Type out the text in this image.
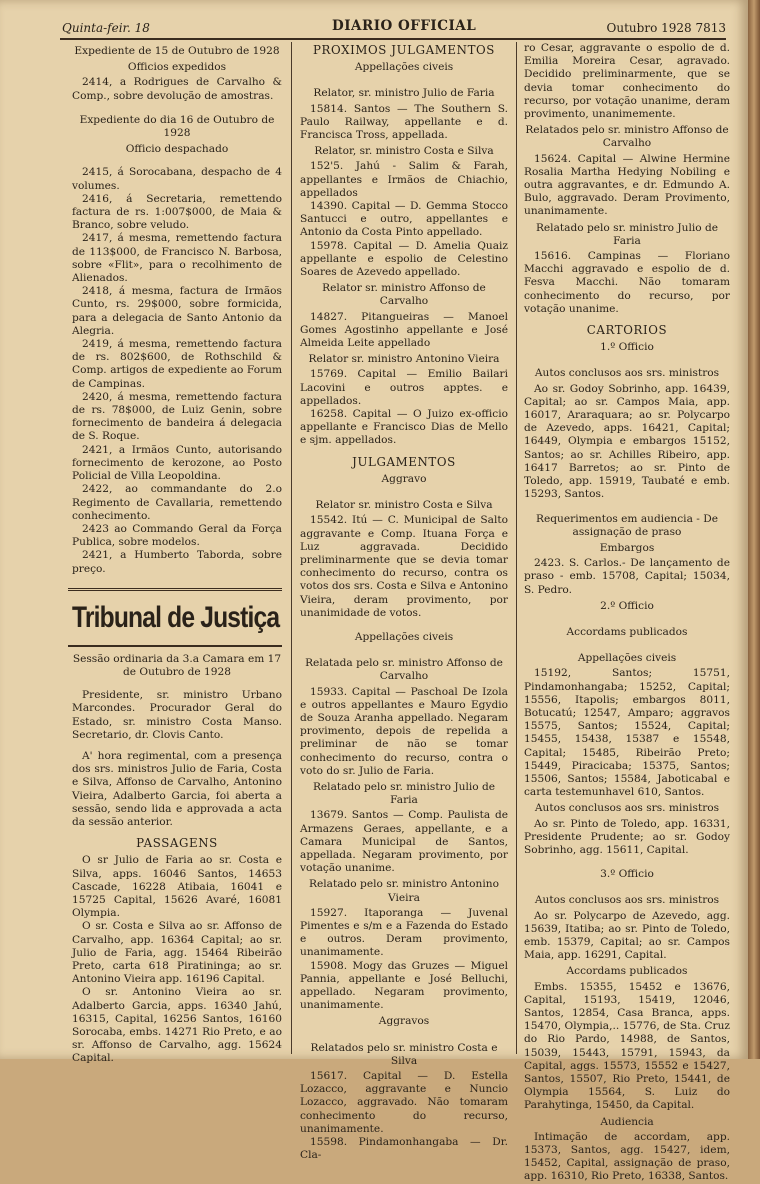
Quinta-feir. 18	DIARIO OFFICIAL	Outubro 1928 7813
Expediente de 15 de Outubro de 1928
Officios expedidos

2414, a Rodrigues de Carvalho & Comp., sobre devolução de amostras.

Expediente do dia 16 de Outubro de 1928
Officio despachado

2415, á Sorocabana, despacho de 4 volumes.

2416, á Secretaria, remettendo factura de rs. 1:007$000, de Maia & Branco, sobre veludo.

2417, á mesma, remettendo factura de 113$000, de Francisco N. Barbosa, sobre «Flit», para o recolhimento de Alienados.

2418, á mesma, factura de Irmãos Cunto, rs. 29$000, sobre formicida, para a delegacia de Santo Antonio da Alegria.

2419, á mesma, remettendo factura de rs. 802$600, de Rothschild & Comp. artigos de expediente ao Forum de Campinas.

2420, á mesma, remettendo factura de rs. 78$000, de Luiz Genin, sobre fornecimento de bandeira á delegacia de S. Roque.

2421, a Irmãos Cunto, autorisando fornecimento de kerozone, ao Posto Policial de Villa Leopoldina.

2422, ao commandante do 2.o Regimento de Cavallaria, remettendo conhecimento.

2423 ao Commando Geral da Força Publica, sobre modelos.

2421, a Humberto Taborda, sobre preço.

Tribunal de Justiça
Sessão ordinaria da 3.a Camara em 17 de Outubro de 1928

Presidente, sr. ministro Urbano Marcondes. Procurador Geral do Estado, sr. ministro Costa Manso. Secretario, dr. Clovis Canto.

A' hora regimental, com a presença dos srs. ministros Julio de Faria, Costa e Silva, Affonso de Carvalho, Antonino Vieira, Adalberto Garcia, foi aberta a sessão, sendo lida e approvada a acta da sessão anterior.

PASSAGENS

O sr Julio de Faria ao sr. Costa e Silva, apps. 16046 Santos, 14653 Cascade, 16228 Atibaia, 16041 e 15725 Capital, 15626 Avaré, 16081 Olympia.

O sr. Costa e Silva ao sr. Affonso de Carvalho, app. 16364 Capital; ao sr. Julio de Faria, agg. 15464 Ribeirão Preto, carta 618 Piratininga; ao sr. Antonino Vieira app. 16196 Capital.

O sr. Antonino Vieira ao sr. Adalberto Garcia, apps. 16340 Jahú, 16315, Capital, 16256 Santos, 16160 Sorocaba, embs. 14271 Rio Preto, e ao sr. Affonso de Carvalho, agg. 15624 Capital.

PROXIMOS JULGAMENTOS
Appellações civeis
Relator, sr. ministro Julio de Faria

15814. Santos — The Southern S. Paulo Railway, appellante e d. Francisca Tross, appellada.

Relator, sr. ministro Costa e Silva

152'5. Jahú - Salim & Farah, appellantes e Irmãos de Chiachio, appellados

14390. Capital — D. Gemma Stocco Santucci e outro, appellantes e Antonio da Costa Pinto appellado.

15978. Capital — D. Amelia Quaiz appellante e espolio de Celestino Soares de Azevedo appellado.

Relator sr. ministro Affonso de Carvalho

14827. Pitangueiras — Manoel Gomes Agostinho appellante e José Almeida Leite appellado

Relator sr. ministro Antonino Vieira

15769. Capital — Emilio Bailari Lacovini e outros apptes. e appellados.

16258. Capital — O Juizo ex-officio appellante e Francisco Dias de Mello e sjm. appellados.

JULGAMENTOS
Aggravo
Relator sr. ministro Costa e Silva

15542. Itú — C. Municipal de Salto aggravante e Comp. Ituana Força e Luz aggravada. Decidido preliminarmente que se devia tomar conhecimento do recurso, contra os votos dos srs. Costa e Silva e Antonino Vieira, deram provimento, por unanimidade de votos.

Appellações civeis
Relatada pelo sr. ministro Affonso de Carvalho

15933. Capital — Paschoal De Izola e outros appellantes e Mauro Egydio de Souza Aranha appellado. Negaram provimento, depois de repelida a preliminar de não se tomar conhecimento do recurso, contra o voto do sr. Julio de Faria.

Relatado pelo sr. ministro Julio de Faria

13679. Santos — Comp. Paulista de Armazens Geraes, appellante, e a Camara Municipal de Santos, appellada. Negaram provimento, por votação unanime.

Relatado pelo sr. ministro Antonino Vieira

15927. Itaporanga — Juvenal Pimentes e s/m e a Fazenda do Estado e outros. Deram provimento, unanimamente.

15908. Mogy das Gruzes — Miguel Pannia, appellante e José Belluchi, appellado. Negaram provimento, unanimamente.

Aggravos
Relatados pelo sr. ministro Costa e Silva

15617. Capital — D. Estella Lozacco, aggravante e Nuncio Lozacco, aggravado. Não tomaram conhecimento do recurso, unanimamente.

15598. Pindamonhangaba — Dr. Cla-

ro Cesar, aggravante o espolio de d. Emilia Moreira Cesar, agravado. Decidido preliminarmente, que se devia tomar conhecimento do recurso, por votação unanime, deram provimento, unanimemente.

Relatados pelo sr. ministro Affonso de Carvalho

15624. Capital — Alwine Hermine Rosalia Martha Hedying Nobiling e outra aggravantes, e dr. Edmundo A. Bulo, aggravado. Deram Provimento, unanimamente.

Relatado pelo sr. ministro Julio de Faria

15616. Campinas — Floriano Macchi aggravado e espolio de d. Fesva Macchi. Não tomaram conhecimento do recurso, por votação unanime.

CARTORIOS
1.º Officio
Autos conclusos aos srs. ministros

Ao sr. Godoy Sobrinho, app. 16439, Capital; ao sr. Campos Maia, app. 16017, Araraquara; ao sr. Polycarpo de Azevedo, apps. 16421, Capital; 16449, Olympia e embargos 15152, Santos; ao sr. Achilles Ribeiro, app. 16417 Barretos; ao sr. Pinto de Toledo, app. 15919, Taubaté e emb. 15293, Santos.

Requerimentos em audiencia - De assignação de praso
Embargos

2423. S. Carlos.- De lançamento de praso - emb. 15708, Capital; 15034, S. Pedro.

2.º Officio
Accordams publicados
Appellações civeis

15192, Santos; 15751, Pindamonhangaba; 15252, Capital; 15556, Itapolis; embargos 8011, Botucatú; 12547, Amparo; aggravos 15575, Santos; 15524, Capital; 15455, 15438, 15387 e 15548, Capital; 15485, Ribeirão Preto; 15449, Piracicaba; 15375, Santos; 15506, Santos; 15584, Jaboticabal e carta testemunhavel 610, Santos.

Autos conclusos aos srs. ministros

Ao sr. Pinto de Toledo, app. 16331, Presidente Prudente; ao sr. Godoy Sobrinho, agg. 15611, Capital.

3.º Officio
Autos conclusos aos srs. ministros

Ao sr. Polycarpo de Azevedo, agg. 15639, Itatiba; ao sr. Pinto de Toledo, emb. 15379, Capital; ao sr. Campos Maia, app. 16291, Capital.

Accordams publicados

Embs. 15355, 15452 e 13676, Capital, 15193, 15419, 12046, Santos, 12854, Casa Branca, apps. 15470, Olympia,.. 15776, de Sta. Cruz do Rio Pardo, 14988, de Santos, 15039, 15443, 15791, 15943, da Capital, aggs. 15573, 15552 e 15427, Santos, 15507, Rio Preto, 15441, de Olympia 15564, S. Luiz do Parahytinga, 15450, da Capital.

Audiencia

Intimação de accordam, app. 15373, Santos, agg. 15427, idem, 15452, Capital, assignação de praso, app. 16310, Rio Preto, 16338, Santos.
